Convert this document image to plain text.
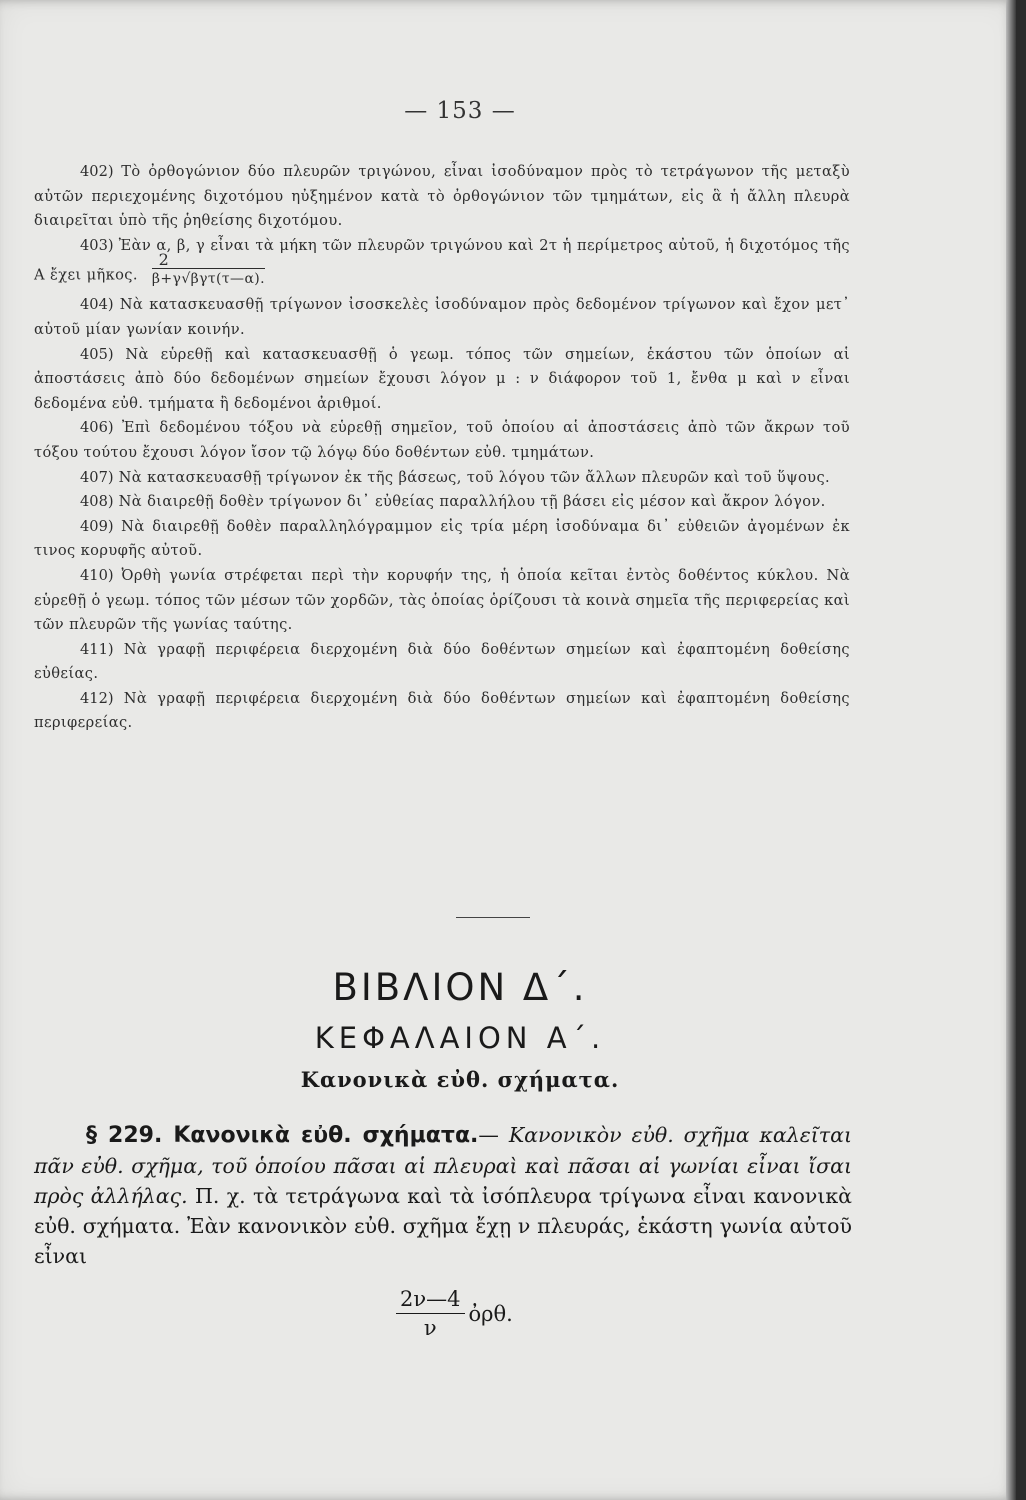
— 153 —

402) Τὸ ὀρθογώνιον δύο πλευρῶν τριγώνου, εἶναι ἰσοδύναμον πρὸς τὸ τετράγωνον τῆς μεταξὺ αὐτῶν περιεχομένης διχοτόμου ηὐξημένον κατὰ τὸ ὀρθογώνιον τῶν τμημάτων, εἰς ἃ ἡ ἄλλη πλευρὰ διαιρεῖται ὑπὸ τῆς ῥηθείσης διχοτόμου.

403) Ἐὰν α, β, γ εἶναι τὰ μήκη τῶν πλευρῶν τριγώνου καὶ 2τ ἡ περίμετρος αὐτοῦ, ἡ διχοτόμος τῆς Α ἔχει μῆκος.
2
β+γ√βγτ(τ—α).

404) Νὰ κατασκευασθῇ τρίγωνον ἰσοσκελὲς ἰσοδύναμον πρὸς δεδομένον τρίγωνον καὶ ἔχον μετ᾽ αὐτοῦ μίαν γωνίαν κοινήν.

405) Νὰ εὑρεθῇ καὶ κατασκευασθῇ ὁ γεωμ. τόπος τῶν σημείων, ἑκάστου τῶν ὁποίων αἱ ἀποστάσεις ἀπὸ δύο δεδομένων σημείων ἔχουσι λόγον μ : ν διάφορον τοῦ 1, ἔνθα μ καὶ ν εἶναι δεδομένα εὐθ. τμήματα ἢ δεδομένοι ἀριθμοί.

406) Ἐπὶ δεδομένου τόξου νὰ εὑρεθῇ σημεῖον, τοῦ ὁποίου αἱ ἀποστάσεις ἀπὸ τῶν ἄκρων τοῦ τόξου τούτου ἔχουσι λόγον ἴσον τῷ λόγῳ δύο δοθέντων εὐθ. τμημάτων.

407) Νὰ κατασκευασθῇ τρίγωνον ἐκ τῆς βάσεως, τοῦ λόγου τῶν ἄλλων πλευρῶν καὶ τοῦ ὕψους.

408) Νὰ διαιρεθῇ δοθὲν τρίγωνον δι᾽ εὐθείας παραλλήλου τῇ βάσει εἰς μέσον καὶ ἄκρον λόγον.

409) Νὰ διαιρεθῇ δοθὲν παραλληλόγραμμον εἰς τρία μέρη ἰσοδύναμα δι᾽ εὐθειῶν ἀγομένων ἐκ τινος κορυφῆς αὐτοῦ.

410) Ὀρθὴ γωνία στρέφεται περὶ τὴν κορυφήν της, ἡ ὁποία κεῖται ἐντὸς δοθέντος κύκλου. Νὰ εὑρεθῇ ὁ γεωμ. τόπος τῶν μέσων τῶν χορδῶν, τὰς ὁποίας ὁρίζουσι τὰ κοινὰ σημεῖα τῆς περιφερείας καὶ τῶν πλευρῶν τῆς γωνίας ταύτης.

411) Νὰ γραφῇ περιφέρεια διερχομένη διὰ δύο δοθέντων σημείων καὶ ἐφαπτομένη δοθείσης εὐθείας.

412) Νὰ γραφῇ περιφέρεια διερχομένη διὰ δύο δοθέντων σημείων καὶ ἐφαπτομένη δοθείσης περιφερείας.

ΒΙΒΛΙΟΝ Δ΄.
ΚΕΦΑΛΑΙΟΝ Α΄.
Κανονικὰ εὐθ. σχήματα.

§ 229. Κανονικὰ εὐθ. σχήματα.— Κανονικὸν εὐθ. σχῆμα καλεῖται πᾶν εὐθ. σχῆμα, τοῦ ὁποίου πᾶσαι αἱ πλευραὶ καὶ πᾶσαι αἱ γωνίαι εἶναι ἴσαι πρὸς ἀλλήλας. Π. χ. τὰ τετράγωνα καὶ τὰ ἰσόπλευρα τρίγωνα εἶναι κανονικὰ εὐθ. σχήματα. Ἐὰν κανονικὸν εὐθ. σχῆμα ἔχῃ ν πλευράς, ἑκάστη γωνία αὐτοῦ εἶναι

$\frac{2\nu—4}{\nu}$ ὀρθ.
